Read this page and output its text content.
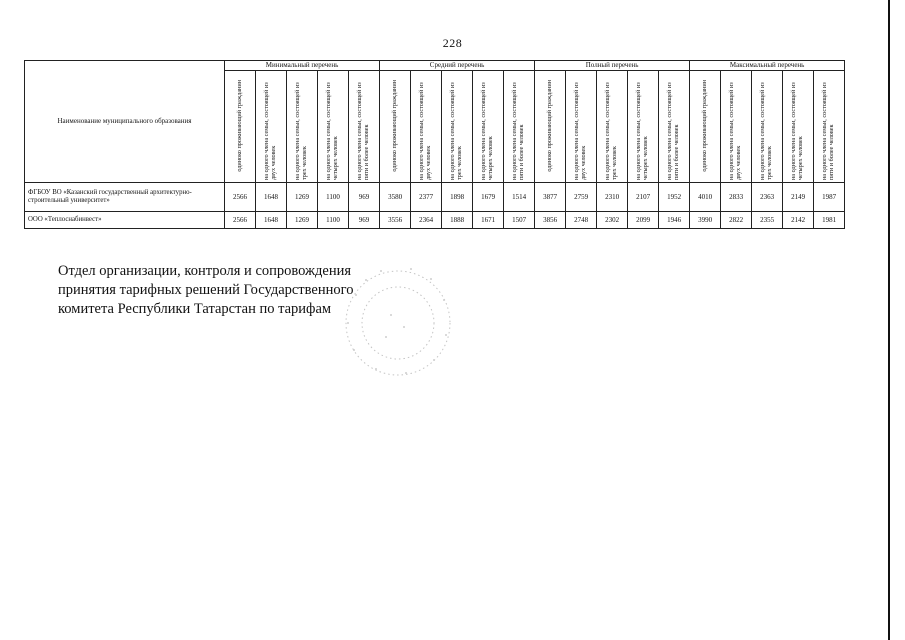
228
Наименование муниципального образования	Минимальный перечень					Средний перечень					Полный перечень					Максимальный перечень				
	одиноко проживающий гражданин	на одного члена семьи, состоящей из двух человек	на одного члена семьи, состоящей из трех человек	на одного члена семьи, состоящей из четырех человек	на одного члена семьи, состоящей из пяти и более человек	одиноко проживающий гражданин	на одного члена семьи, состоящей из двух человек	на одного члена семьи, состоящей из трех человек	на одного члена семьи, состоящей из четырех человек	на одного члена семьи, состоящей из пяти и более человек	одиноко проживающий гражданин	на одного члена семьи, состоящей из двух человек	на одного члена семьи, состоящей из трех человек	на одного члена семьи, состоящей из четырех человек	на одного члена семьи, состоящей из пяти и более человек	одиноко проживающий гражданин	на одного члена семьи, состоящей из двух человек	на одного члена семьи, состоящей из трех человек	на одного члена семьи, состоящей из четырех человек	на одного члена семьи, состоящей из пяти и более человек
ФГБОУ ВО «Казанский государственный архитектурно-строительный университет»	2566	1648	1269	1100	969	3580	2377	1898	1679	1514	3877	2759	2310	2107	1952	4010	2833	2363	2149	1987
ООО «Теплоснабинвест»	2566	1648	1269	1100	969	3556	2364	1888	1671	1507	3856	2748	2302	2099	1946	3990	2822	2355	2142	1981
Отдел организации, контроля и сопровождения
принятия тарифных решений Государственного
комитета Республики Татарстан по тарифам
